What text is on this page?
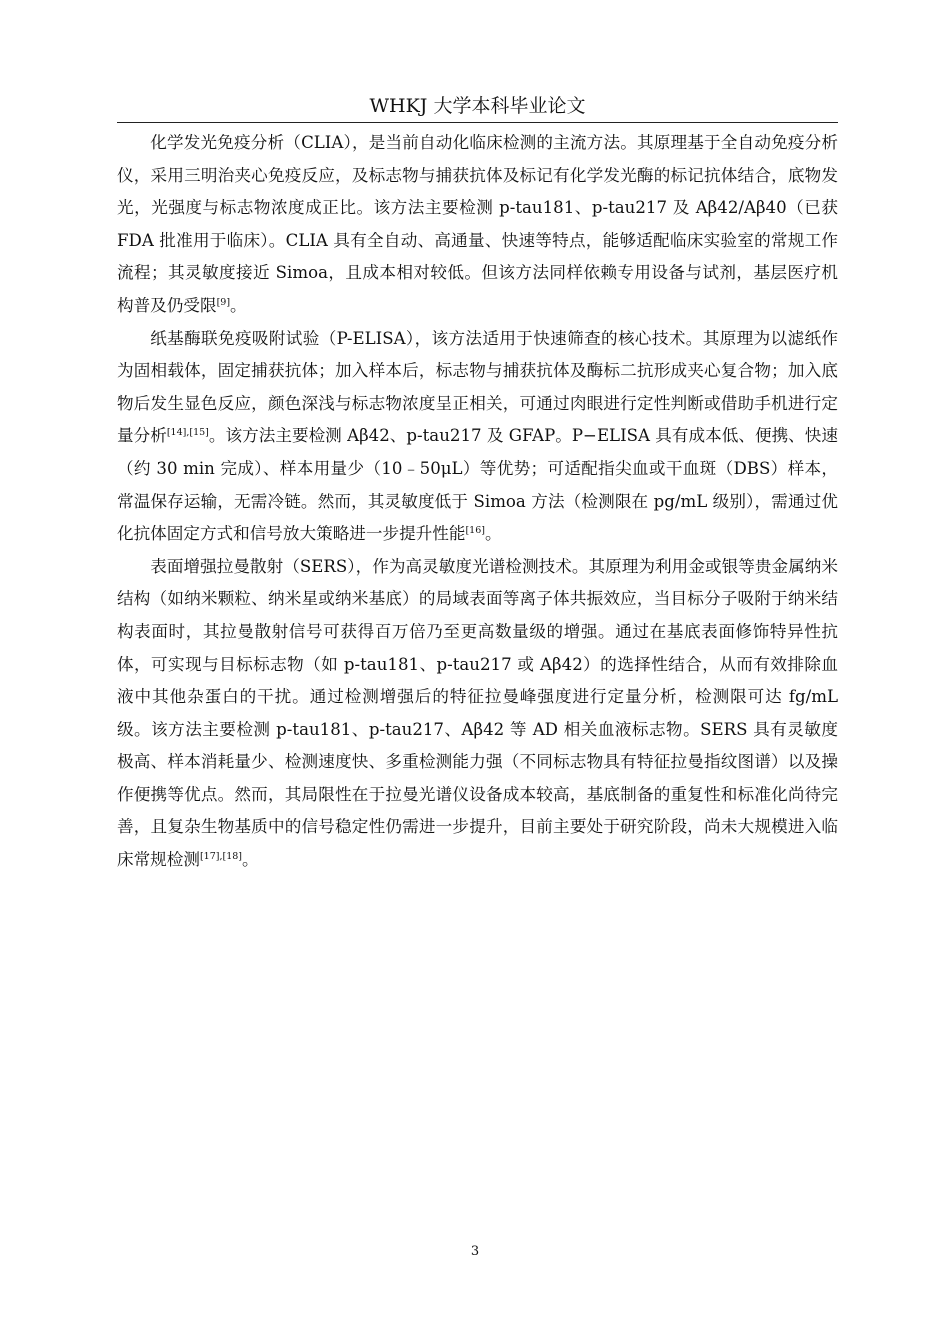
WHKJ 大学本科毕业论文

化学发光免疫分析（CLIA），是当前自动化临床检测的主流方法。其原理基于全自动免疫分析仪，采用三明治夹心免疫反应，及标志物与捕获抗体及标记有化学发光酶的标记抗体结合，底物发光，光强度与标志物浓度成正比。该方法主要检测 p-tau181、p-tau217 及 Aβ42/Aβ40（已获 FDA 批准用于临床）。CLIA 具有全自动、高通量、快速等特点，能够适配临床实验室的常规工作流程；其灵敏度接近 Simoa，且成本相对较低。但该方法同样依赖专用设备与试剂，基层医疗机构普及仍受限[9]。

纸基酶联免疫吸附试验（P-ELISA），该方法适用于快速筛查的核心技术。其原理为以滤纸作为固相载体，固定捕获抗体；加入样本后，标志物与捕获抗体及酶标二抗形成夹心复合物；加入底物后发生显色反应，颜色深浅与标志物浓度呈正相关，可通过肉眼进行定性判断或借助手机进行定量分析[14],[15]。该方法主要检测 Aβ42、p-tau217 及 GFAP。P−ELISA 具有成本低、便携、快速（约 30 min 完成）、样本用量少（10﹣50μL）等优势；可适配指尖血或干血斑（DBS）样本，常温保存运输，无需冷链。然而，其灵敏度低于 Simoa 方法（检测限在 pg/mL 级别），需通过优化抗体固定方式和信号放大策略进一步提升性能[16]。

表面增强拉曼散射（SERS），作为高灵敏度光谱检测技术。其原理为利用金或银等贵金属纳米结构（如纳米颗粒、纳米星或纳米基底）的局域表面等离子体共振效应，当目标分子吸附于纳米结构表面时，其拉曼散射信号可获得百万倍乃至更高数量级的增强。通过在基底表面修饰特异性抗体，可实现与目标标志物（如 p-tau181、p-tau217 或 Aβ42）的选择性结合，从而有效排除血液中其他杂蛋白的干扰。通过检测增强后的特征拉曼峰强度进行定量分析，检测限可达 fg/mL 级。该方法主要检测 p-tau181、p-tau217、Aβ42 等 AD 相关血液标志物。SERS 具有灵敏度极高、样本消耗量少、检测速度快、多重检测能力强（不同标志物具有特征拉曼指纹图谱）以及操作便携等优点。然而，其局限性在于拉曼光谱仪设备成本较高，基底制备的重复性和标准化尚待完善，且复杂生物基质中的信号稳定性仍需进一步提升，目前主要处于研究阶段，尚未大规模进入临床常规检测[17],[18]。

3
